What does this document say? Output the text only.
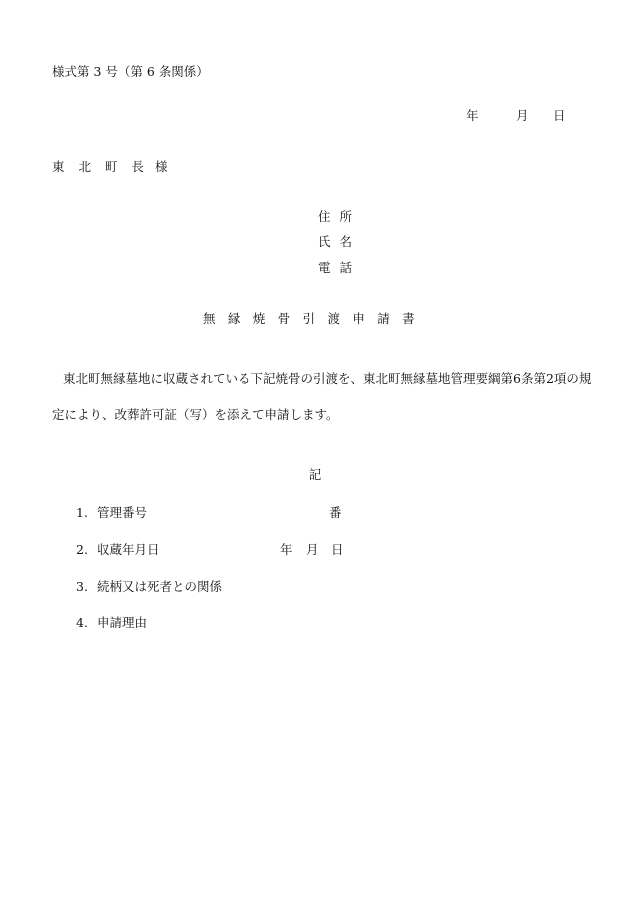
様式第 3 号（第 6 条関係）
年	月 日
東 北 町 長 様
住所
氏名
電話
無縁焼骨引渡申請書
東北町無縁墓地に収蔵されている下記焼骨の引渡を、東北町無縁墓地管理要綱第6条第2項の規
定により、改葬許可証（写）を添えて申請します。
記
1. 管理番号	番
2. 収蔵年月日	年 月 日
3. 続柄又は死者との関係
4. 申請理由
